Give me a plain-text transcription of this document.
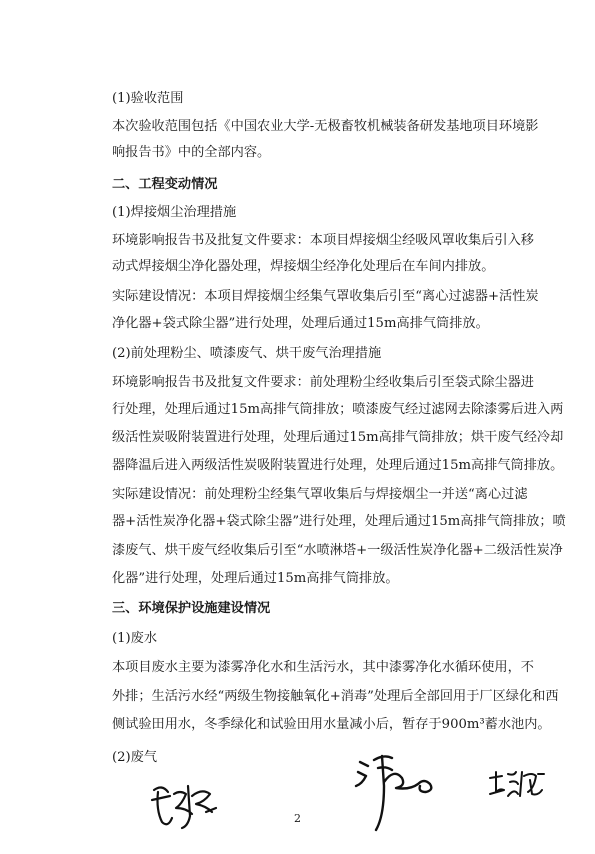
(1)验收范围
本次验收范围包括《中国农业大学-无极畜牧机械装备研发基地项目环境影
响报告书》中的全部内容。
二、工程变动情况
(1)焊接烟尘治理措施
环境影响报告书及批复文件要求：本项目焊接烟尘经吸风罩收集后引入移
动式焊接烟尘净化器处理，焊接烟尘经净化处理后在车间内排放。
实际建设情况：本项目焊接烟尘经集气罩收集后引至“离心过滤器+活性炭
净化器+袋式除尘器”进行处理，处理后通过15m高排气筒排放。
(2)前处理粉尘、喷漆废气、烘干废气治理措施
环境影响报告书及批复文件要求：前处理粉尘经收集后引至袋式除尘器进
行处理，处理后通过15m高排气筒排放；喷漆废气经过滤网去除漆雾后进入两
级活性炭吸附装置进行处理，处理后通过15m高排气筒排放；烘干废气经冷却
器降温后进入两级活性炭吸附装置进行处理，处理后通过15m高排气筒排放。
实际建设情况：前处理粉尘经集气罩收集后与焊接烟尘一并送“离心过滤
器+活性炭净化器+袋式除尘器”进行处理，处理后通过15m高排气筒排放；喷
漆废气、烘干废气经收集后引至“水喷淋塔+一级活性炭净化器+二级活性炭净
化器”进行处理，处理后通过15m高排气筒排放。
三、环境保护设施建设情况
(1)废水
本项目废水主要为漆雾净化水和生活污水，其中漆雾净化水循环使用，不
外排；生活污水经“两级生物接触氧化+消毒”处理后全部回用于厂区绿化和西
侧试验田用水，冬季绿化和试验田用水量减小后，暂存于900m³蓄水池内。
(2)废气
2
